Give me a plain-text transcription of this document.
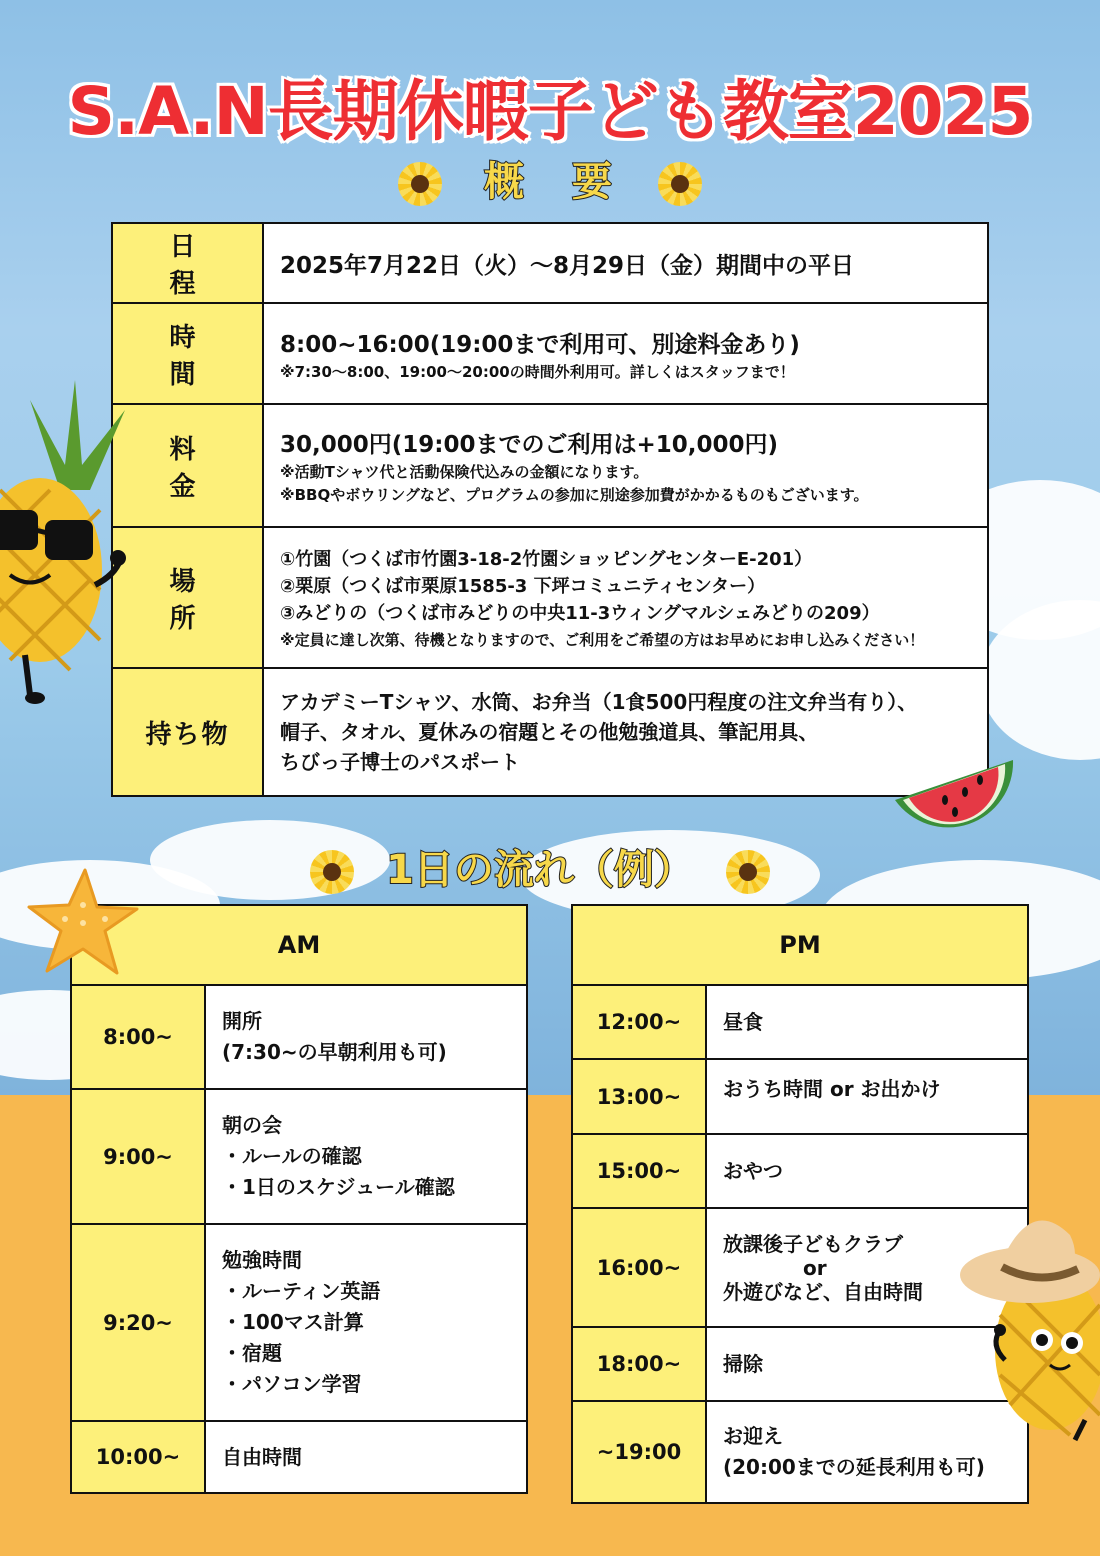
S.A.N長期休暇子ども教室2025
概　要
日　程	2025年7月22日（火）〜8月29日（金）期間中の平日

時　間	8:00~16:00(19:00まで利用可、別途料金あり)
※7:30〜8:00、19:00〜20:00の時間外利用可。詳しくはスタッフまで！

料　金	30,000円(19:00までのご利用は+10,000円)
※活動Tシャツ代と活動保険代込みの金額になります。
※BBQやボウリングなど、プログラムの参加に別途参加費がかかるものもございます。

場　所	①竹園（つくば市竹園3-18-2竹園ショッピングセンターE-201）
②栗原（つくば市栗原1585-3 下坪コミュニティセンター）
③みどりの（つくば市みどりの中央11-3ウィングマルシェみどりの209）
※定員に達し次第、待機となりますので、ご利用をご希望の方はお早めにお申し込みください！

持ち物	アカデミーTシャツ、水筒、お弁当（1食500円程度の注文弁当有り）、
帽子、タオル、夏休みの宿題とその他勉強道具、筆記用具、
ちびっ子博士のパスポート
1日の流れ（例）
AM	
8:00~	開所
(7:30~の早朝利用も可)

9:00~	朝の会
・ルールの確認
・1日のスケジュール確認

9:20~	勉強時間
・ルーティン英語
・100マス計算
・宿題
・パソコン学習

10:00~	自由時間
PM	
12:00~	昼食

13:00~	おうち時間 or お出かけ

15:00~	おやつ

16:00~	放課後子どもクラブ
or
外遊びなど、自由時間

18:00~	掃除

~19:00	お迎え
(20:00までの延長利用も可)
